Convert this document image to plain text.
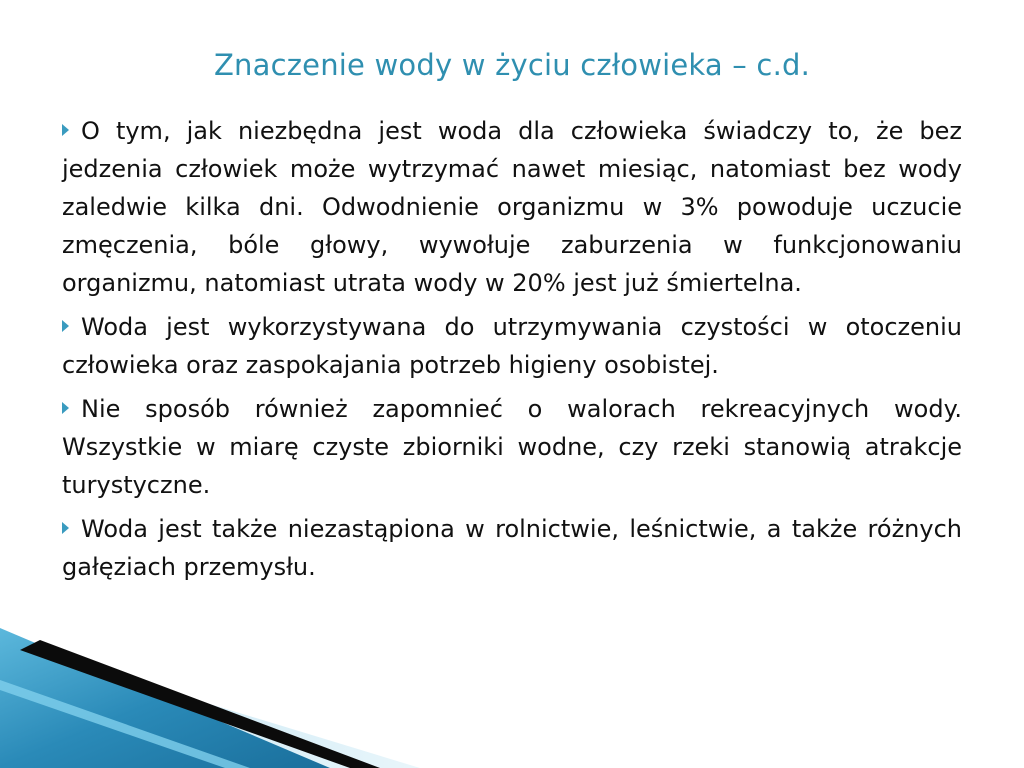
Znaczenie wody w życiu człowieka – c.d.
O tym, jak niezbędna jest woda dla człowieka świadczy to, że bez jedzenia człowiek może wytrzymać nawet miesiąc, natomiast bez wody zaledwie kilka dni. Odwodnienie organizmu w 3% powoduje uczucie zmęczenia, bóle głowy, wywołuje zaburzenia w funkcjonowaniu organizmu, natomiast utrata wody w 20% jest już śmiertelna.
Woda jest wykorzystywana do utrzymywania czystości w otoczeniu człowieka oraz zaspokajania potrzeb higieny osobistej.
Nie sposób również zapomnieć o walorach rekreacyjnych wody. Wszystkie w miarę czyste zbiorniki wodne, czy rzeki stanowią atrakcje turystyczne.
Woda jest także niezastąpiona w rolnictwie, leśnictwie, a także różnych gałęziach przemysłu.
